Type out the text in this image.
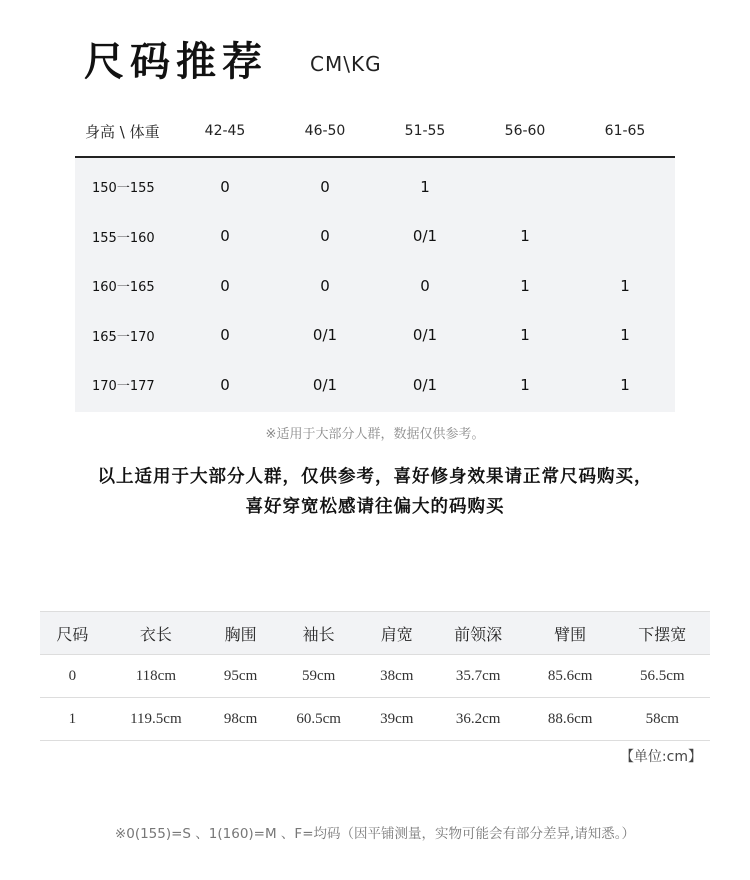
尺码推荐 CM\KG
身高 \ 体重	42-45	46-50	51-55	56-60	61-65
150一155	0	0	1
155一160	0	0	0/1	1
160一165	0	0	0	1	1
165一170	0	0/1	0/1	1	1
170一177	0	0/1	0/1	1	1
※适用于大部分人群，数据仅供参考。
以上适用于大部分人群，仅供参考，喜好修身效果请正常尺码购买，
喜好穿宽松感请往偏大的码购买
尺码	衣长	胸围	袖长	肩宽	前领深	臂围	下摆宽
0	118cm	95cm	59cm	38cm	35.7cm	85.6cm	56.5cm
1	119.5cm	98cm	60.5cm	39cm	36.2cm	88.6cm	58cm
【单位:cm】
※0(155)=S 、1(160)=M 、F=均码（因平铺测量，实物可能会有部分差异,请知悉。）
